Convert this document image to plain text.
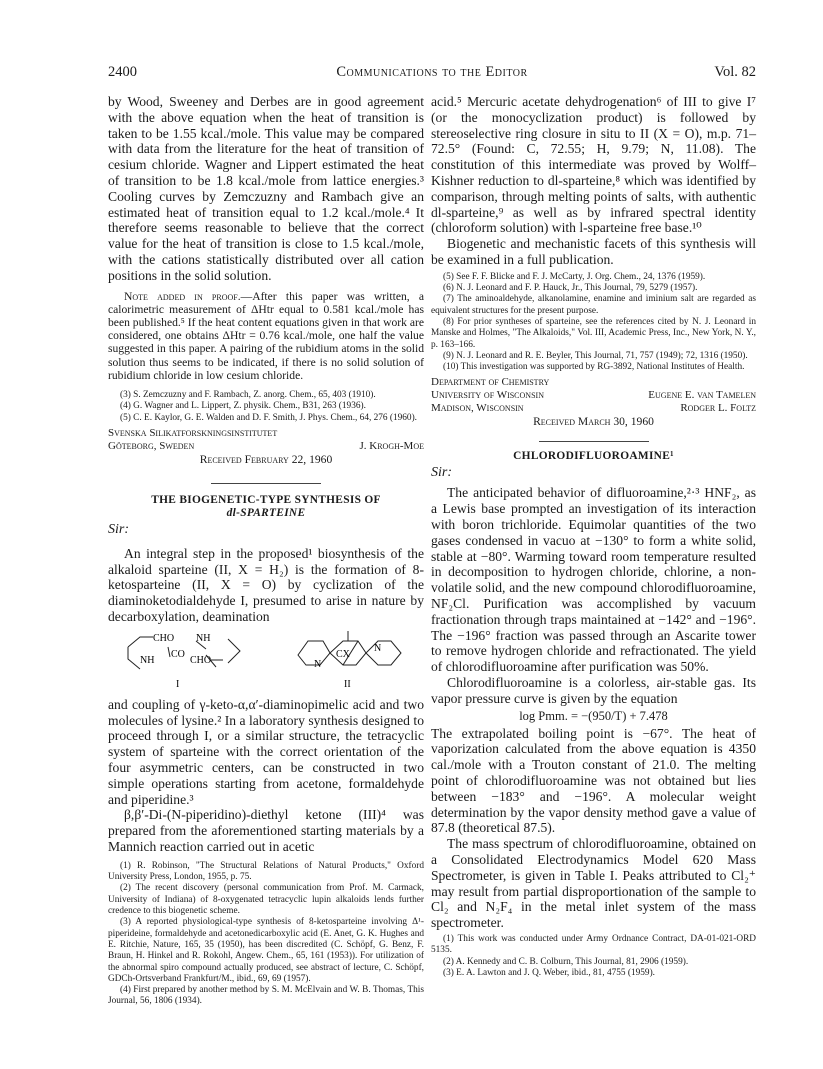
2400	Communications to the Editor	Vol. 82

by Wood, Sweeney and Derbes are in good agreement with the above equation when the heat of transition is taken to be 1.55 kcal./mole. This value may be compared with data from the literature for the heat of transition of cesium chloride. Wagner and Lippert estimated the heat of transition to be 1.8 kcal./mole from lattice energies.³ Cooling curves by Zemczuzny and Rambach give an estimated heat of transition equal to 1.2 kcal./mole.⁴ It therefore seems reasonable to believe that the correct value for the heat of transition is close to 1.5 kcal./mole, with the cations statistically distributed over all cation positions in the solid solution.

Note added in proof.—After this paper was written, a calorimetric measurement of ΔHtr equal to 0.581 kcal./mole has been published.⁵ If the heat content equations given in that work are considered, one obtains ΔHtr = 0.76 kcal./mole, one half the value suggested in this paper. A pairing of the rubidium atoms in the solid solution thus seems to be indicated, if there is no solid solution of rubidium chloride in low cesium chloride.

(3) S. Zemczuzny and F. Rambach, Z. anorg. Chem., 65, 403 (1910).

(4) G. Wagner and L. Lippert, Z. physik. Chem., B31, 263 (1936).

(5) C. E. Kaylor, G. E. Walden and D. F. Smith, J. Phys. Chem., 64, 276 (1960).

Svenska Silikatforskningsinstitutet
Göteborg, Sweden	J. Krogh-Moe
Received February 22, 1960
THE BIOGENETIC-TYPE SYNTHESIS OF
dl-SPARTEINE
Sir:

An integral step in the proposed¹ biosynthesis of the alkaloid sparteine (II, X = H₂) is the formation of 8-ketosparteine (II, X = O) by cyclization of the diaminoketodialdehyde I, presumed to arise in nature by decarboxylation, deamination

CHO NH
NH
CO
CHO
CX
N
N
I	II

and coupling of γ-keto-α,α′-diaminopimelic acid and two molecules of lysine.² In a laboratory synthesis designed to proceed through I, or a similar structure, the tetracyclic system of sparteine with the correct orientation of the four asymmetric centers, can be constructed in two simple operations starting from acetone, formaldehyde and piperidine.³

β,β′-Di-(N-piperidino)-diethyl ketone (III)⁴ was prepared from the aforementioned starting materials by a Mannich reaction carried out in acetic

(1) R. Robinson, "The Structural Relations of Natural Products," Oxford University Press, London, 1955, p. 75.

(2) The recent discovery (personal communication from Prof. M. Carmack, University of Indiana) of 8-oxygenated tetracyclic lupin alkaloids lends further credence to this biogenetic scheme.

(3) A reported physiological-type synthesis of 8-ketosparteine involving Δ¹-piperideine, formaldehyde and acetonedicarboxylic acid (E. Anet, G. K. Hughes and E. Ritchie, Nature, 165, 35 (1950), has been discredited (C. Schöpf, G. Benz, F. Braun, H. Hinkel and R. Rokohl, Angew. Chem., 65, 161 (1953)). For utilization of the abnormal spiro compound actually produced, see abstract of lecture, C. Schöpf, GDCh-Ortsverband Frankfurt/M., ibid., 69, 69 (1957).

(4) First prepared by another method by S. M. McElvain and W. B. Thomas, This Journal, 56, 1806 (1934).

acid.⁵ Mercuric acetate dehydrogenation⁶ of III to give I⁷ (or the monocyclization product) is followed by stereoselective ring closure in situ to II (X = O), m.p. 71–72.5° (Found: C, 72.55; H, 9.79; N, 11.08). The constitution of this intermediate was proved by Wolff–Kishner reduction to dl-sparteine,⁸ which was identified by comparison, through melting points of salts, with authentic dl-sparteine,⁹ as well as by infrared spectral identity (chloroform solution) with l-sparteine free base.¹⁰

Biogenetic and mechanistic facets of this synthesis will be examined in a full publication.

(5) See F. F. Blicke and F. J. McCarty, J. Org. Chem., 24, 1376 (1959).

(6) N. J. Leonard and F. P. Hauck, Jr., This Journal, 79, 5279 (1957).

(7) The aminoaldehyde, alkanolamine, enamine and iminium salt are regarded as equivalent structures for the present purpose.

(8) For prior syntheses of sparteine, see the references cited by N. J. Leonard in Manske and Holmes, "The Alkaloids," Vol. III, Academic Press, Inc., New York, N. Y., p. 163–166.

(9) N. J. Leonard and R. E. Beyler, This Journal, 71, 757 (1949); 72, 1316 (1950).

(10) This investigation was supported by RG-3892, National Institutes of Health.

Department of Chemistry
University of Wisconsin	Eugene E. van Tamelen
Madison, Wisconsin	Rodger L. Foltz
Received March 30, 1960
CHLORODIFLUOROAMINE¹
Sir:

The anticipated behavior of difluoroamine,²·³ HNF₂, as a Lewis base prompted an investigation of its interaction with boron trichloride. Equimolar quantities of the two gases condensed in vacuo at −130° to form a white solid, stable at −80°. Warming toward room temperature resulted in decomposition to hydrogen chloride, chlorine, a non-volatile solid, and the new compound chlorodifluoroamine, NF₂Cl. Purification was accomplished by vacuum fractionation through traps maintained at −142° and −196°. The −196° fraction was passed through an Ascarite tower to remove hydrogen chloride and refractionated. The yield of chlorodifluoroamine after purification was 50%.

Chlorodifluoroamine is a colorless, air-stable gas. Its vapor pressure curve is given by the equation

log Pmm. = −(950/T) + 7.478

The extrapolated boiling point is −67°. The heat of vaporization calculated from the above equation is 4350 cal./mole with a Trouton constant of 21.0. The melting point of chlorodifluoroamine was not obtained but lies between −183° and −196°. A molecular weight determination by the vapor density method gave a value of 87.8 (theoretical 87.5).

The mass spectrum of chlorodifluoroamine, obtained on a Consolidated Electrodynamics Model 620 Mass Spectrometer, is given in Table I. Peaks attributed to Cl₂⁺ may result from partial disproportionation of the sample to Cl₂ and N₂F₄ in the metal inlet system of the mass spectrometer.

(1) This work was conducted under Army Ordnance Contract, DA-01-021-ORD 5135.

(2) A. Kennedy and C. B. Colburn, This Journal, 81, 2906 (1959).

(3) E. A. Lawton and J. Q. Weber, ibid., 81, 4755 (1959).
